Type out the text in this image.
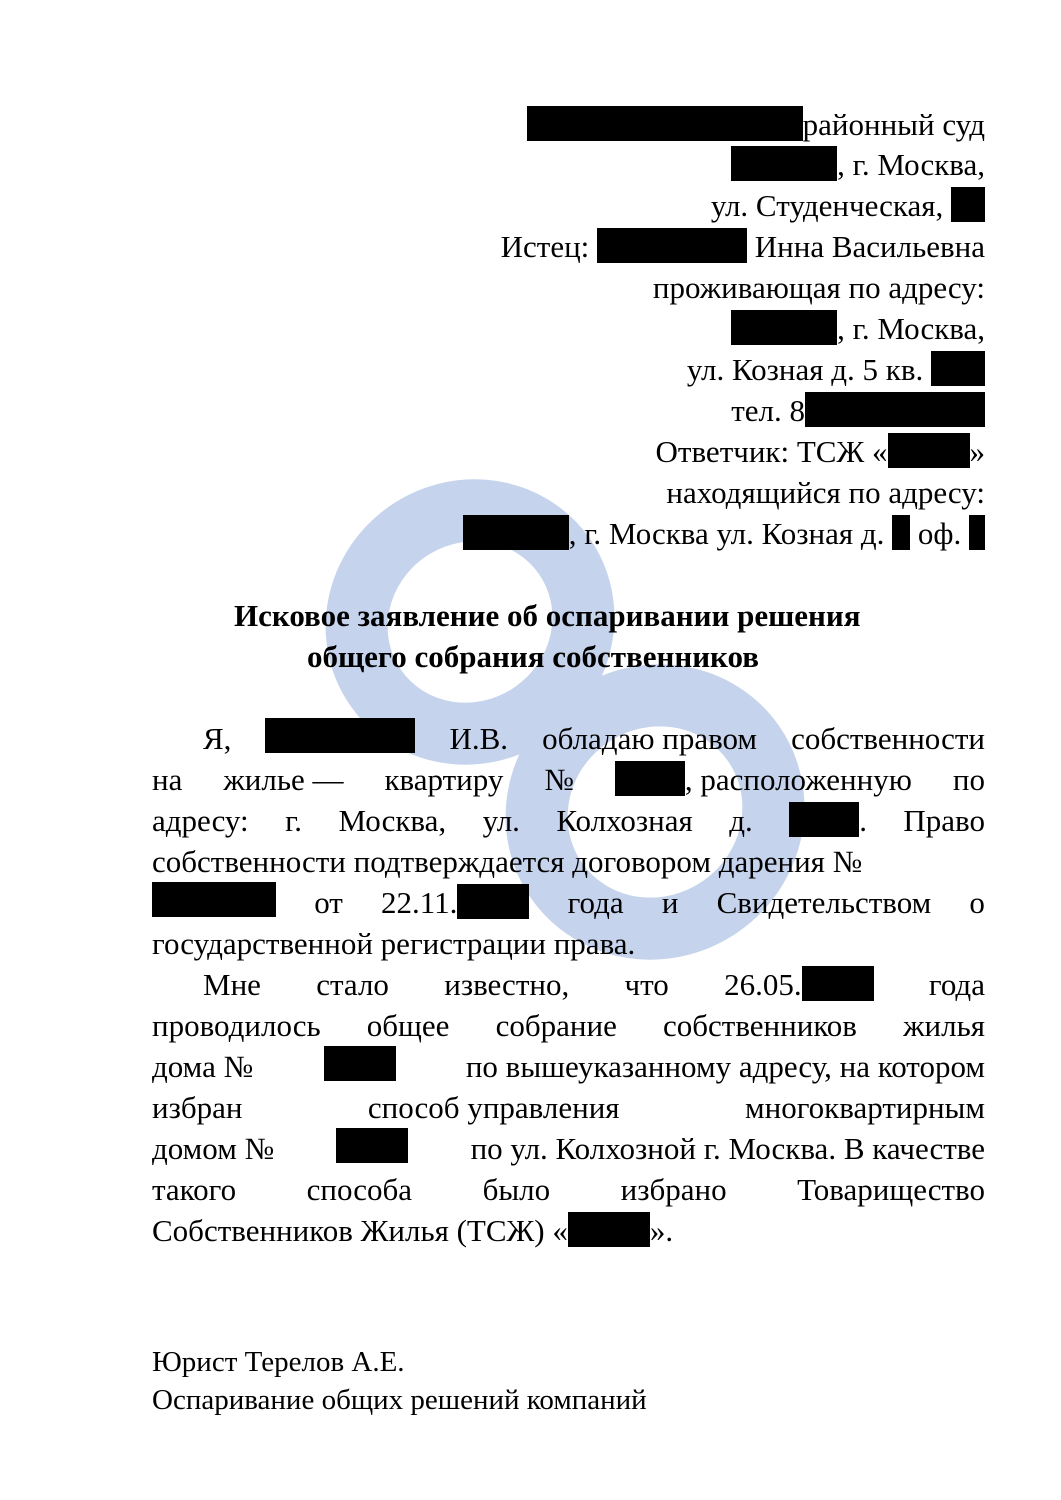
районный суд
, г. Москва,
ул. Студенческая,
Истец:	Инна Васильевна
проживающая по адресу:
, г. Москва,
ул. Козная д. 5 кв.
тел. 8
Ответчик: ТСЖ «	»
находящийся по адресу:
, г. Москва ул. Козная д. оф.
Исковое заявление об оспаривании решения
общего собрания собственников
Я,	И.В. обладаю правом собственности
на жилье — квартиру №	, расположенную по
адресу: г. Москва, ул. Колхозная д.	. Право
собственности подтверждается договором дарения №
от 22.11.	года и Свидетельством о
государственной регистрации права.
Мне стало известно, что 26.05.	года
проводилось общее собрание собственников жилья
дома №	по вышеуказанному адресу, на котором
избран	способ управления	многоквартирным
домом №	по ул. Колхозной г. Москва. В качестве
такого способа было избрано Товарищество
Собственников Жилья (ТСЖ) «	».
Юрист Терелов А.Е.
Оспаривание общих решений компаний
